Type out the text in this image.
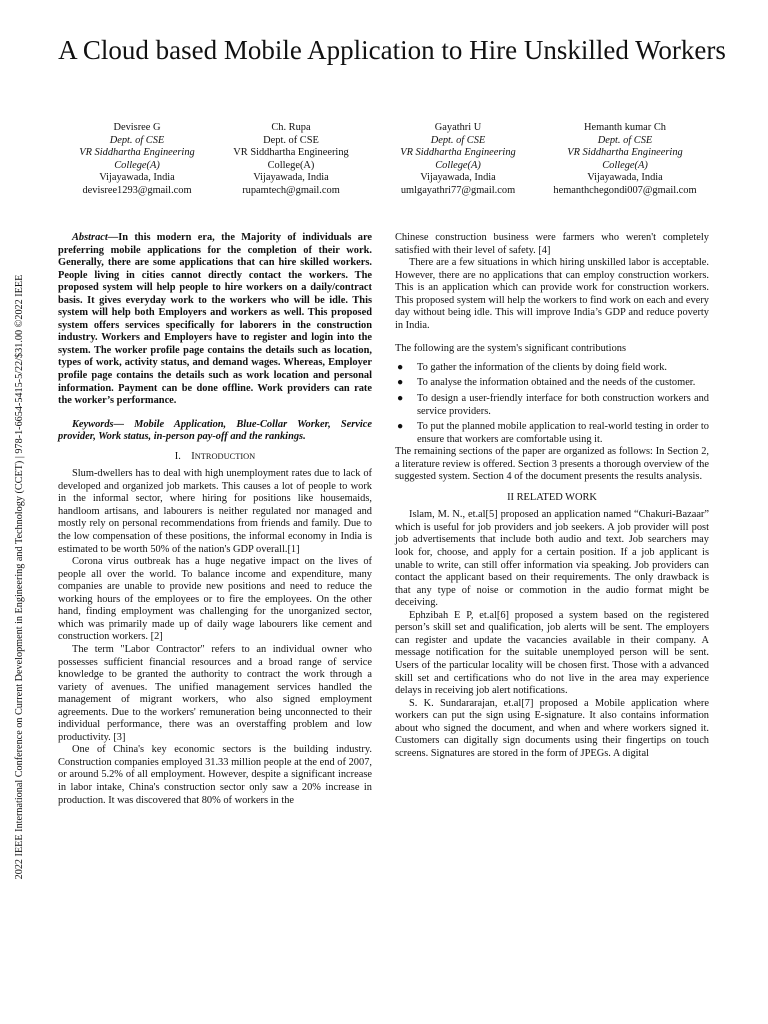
A Cloud based Mobile Application to Hire Unskilled Workers
Devisree G
Dept. of CSE
VR Siddhartha Engineering
College(A)
Vijayawada, India
devisree1293@gmail.com
Ch. Rupa
Dept. of CSE
VR Siddhartha Engineering
College(A)
Vijayawada, India
rupamtech@gmail.com
Gayathri U
Dept. of CSE
VR Siddhartha Engineering
College(A)
Vijayawada, India
umlgayathri77@gmail.com
Hemanth kumar Ch
Dept. of CSE
VR Siddhartha Engineering
College(A)
Vijayawada, India
hemanthchegondi007@gmail.com
2022 IEEE International Conference on Current Development in Engineering and Technology (CCET) | 978-1-6654-5415-5/22/$31.00 ©2022 IEEE

Abstract—In this modern era, the Majority of individuals are preferring mobile applications for the completion of their work. Generally, there are some applications that can hire skilled workers. People living in cities cannot directly contact the workers. The proposed system will help people to hire workers on a daily/contract basis. It gives everyday work to the workers who will be idle. This system will help both Employers and workers as well. This proposed system offers services specifically for laborers in the construction industry. Workers and Employers have to register and login into the system. The worker profile page contains the details such as location, types of work, activity status, and demand wages. Whereas, Employer profile page contains the details such as work location and personal information. Payment can be done offline. Work providers can rate the worker’s performance.

Keywords— Mobile Application, Blue-Collar Worker, Service provider, Work status, in-person pay-off and the rankings.

I. INTRODUCTION

Slum-dwellers has to deal with high unemployment rates due to lack of developed and organized job markets. This causes a lot of people to work in the informal sector, where hiring for positions like housemaids, handloom artisans, and labourers is neither regulated nor managed and mostly rely on personal recommendations from friends and family. Due to the low compensation of these positions, the informal economy in India is estimated to be worth 50% of the nation's GDP overall.[1]

Corona virus outbreak has a huge negative impact on the lives of people all over the world. To balance income and expenditure, many companies are unable to provide new positions and need to reduce the working hours of the employees or to fire the employees. On the other hand, finding employment was challenging for the unorganized sector, which was primarily made up of daily wage labourers like cement and construction workers. [2]

The term "Labor Contractor" refers to an individual owner who possesses sufficient financial resources and a broad range of service knowledge to be granted the authority to contract the work through a variety of avenues. The unified management services handled the management of migrant workers, who also signed employment agreements. Due to the workers' remuneration being unconnected to their individual performance, there was an overstaffing problem and low productivity. [3]

One of China's key economic sectors is the building industry. Construction companies employed 31.33 million people at the end of 2007, or around 5.2% of all employment. However, despite a significant increase in labor intake, China's construction sector only saw a 20% increase in production. It was discovered that 80% of workers in the

Chinese construction business were farmers who weren't completely satisfied with their level of safety. [4]

There are a few situations in which hiring unskilled labor is acceptable. However, there are no applications that can employ construction workers. This is an application which can provide work for construction workers. This proposed system will help the workers to find work on each and every day without being idle. This will improve India’s GDP and reduce poverty in India.

The following are the system's significant contributions

● To gather the information of the clients by doing field work.
● To analyse the information obtained and the needs of the customer.
● To design a user-friendly interface for both construction workers and service providers.
● To put the planned mobile application to real-world testing in order to ensure that workers are comfortable using it.

The remaining sections of the paper are organized as follows: In Section 2, a literature review is offered. Section 3 presents a thorough overview of the suggested system. Section 4 of the document presents the results analysis.

II RELATED WORK

Islam, M. N., et.al[5] proposed an application named “Chakuri-Bazaar” which is useful for job providers and job seekers. A job provider will post job advertisements that include both audio and text. Job searchers may look for, choose, and apply for a certain position. If a job applicant is unable to write, can still offer information via speaking. Job providers can contact the applicant based on their requirements. The only drawback is that any type of noise or commotion in the audio format might be deceiving.

Ephzibah E P, et.al[6] proposed a system based on the registered person’s skill set and qualification, job alerts will be sent. The employers can register and update the vacancies available in their company. A message notification for the suitable unemployed person will be sent. Users of the particular locality will be chosen first. Those with a advanced skill set and certifications who do not live in the area may experience delays in receiving job alert notifications.

S. K. Sundararajan, et.al[7] proposed a Mobile application where workers can put the sign using E-signature. It also contains information about who signed the document, and when and where workers signed it. Customers can digitally sign documents using their fingertips on touch screens. Signatures are stored in the form of JPEGs. A digital
